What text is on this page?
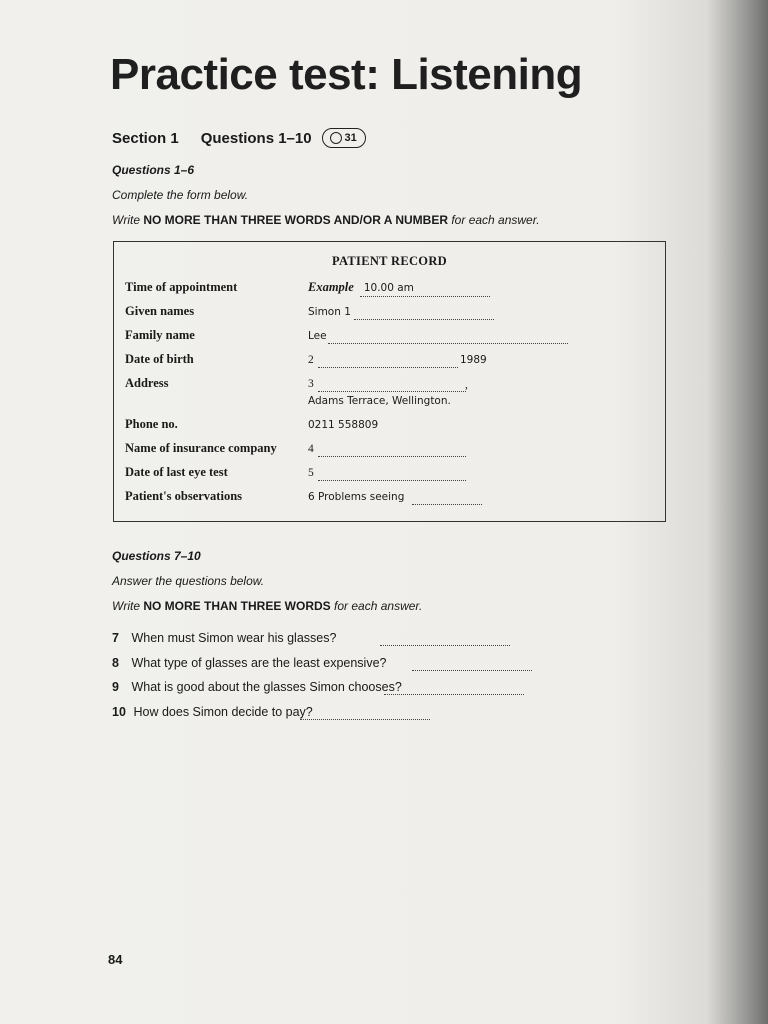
Practice test: Listening
Section 1 Questions 1–10	31
Questions 1–6
Complete the form below.
Write NO MORE THAN THREE WORDS AND/OR A NUMBER for each answer.
PATIENT RECORD
Time of appointment	Example 10.00 am
Given names	Simon 1
Family name	Lee
Date of birth	2	1989
Address	3	,
Adams Terrace, Wellington.
Phone no.	0211 558809
Name of insurance company	4
Date of last eye test	5
Patient's observations	6 Problems seeing
Questions 7–10
Answer the questions below.
Write NO MORE THAN THREE WORDS for each answer.
7 When must Simon wear his glasses?
8 What type of glasses are the least expensive?
9 What is good about the glasses Simon chooses?
10 How does Simon decide to pay?
84
